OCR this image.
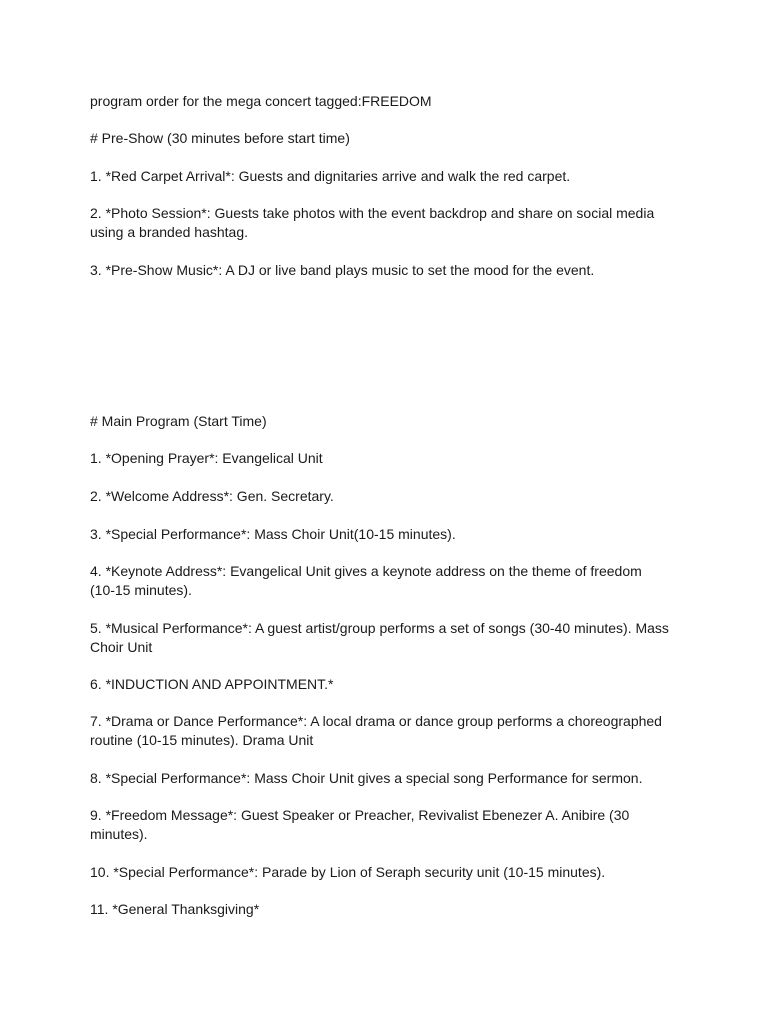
program order for the mega concert tagged:FREEDOM

# Pre-Show (30 minutes before start time)

1. *Red Carpet Arrival*: Guests and dignitaries arrive and walk the red carpet.

2. *Photo Session*: Guests take photos with the event backdrop and share on social media using a branded hashtag.

3. *Pre-Show Music*: A DJ or live band plays music to set the mood for the event.

# Main Program (Start Time)

1. *Opening Prayer*: Evangelical Unit

2. *Welcome Address*: Gen. Secretary.

3. *Special Performance*: Mass Choir Unit(10-15 minutes).

4. *Keynote Address*: Evangelical Unit gives a keynote address on the theme of freedom (10-15 minutes).

5. *Musical Performance*: A guest artist/group performs a set of songs (30-40 minutes). Mass Choir Unit

6. *INDUCTION AND APPOINTMENT.*

7. *Drama or Dance Performance*: A local drama or dance group performs a choreographed routine (10-15 minutes). Drama Unit

8. *Special Performance*: Mass Choir Unit gives a special song Performance for sermon.

9. *Freedom Message*: Guest Speaker or Preacher, Revivalist Ebenezer A. Anibire (30 minutes).

10. *Special Performance*: Parade by Lion of Seraph security unit (10-15 minutes).

11. *General Thanksgiving*
